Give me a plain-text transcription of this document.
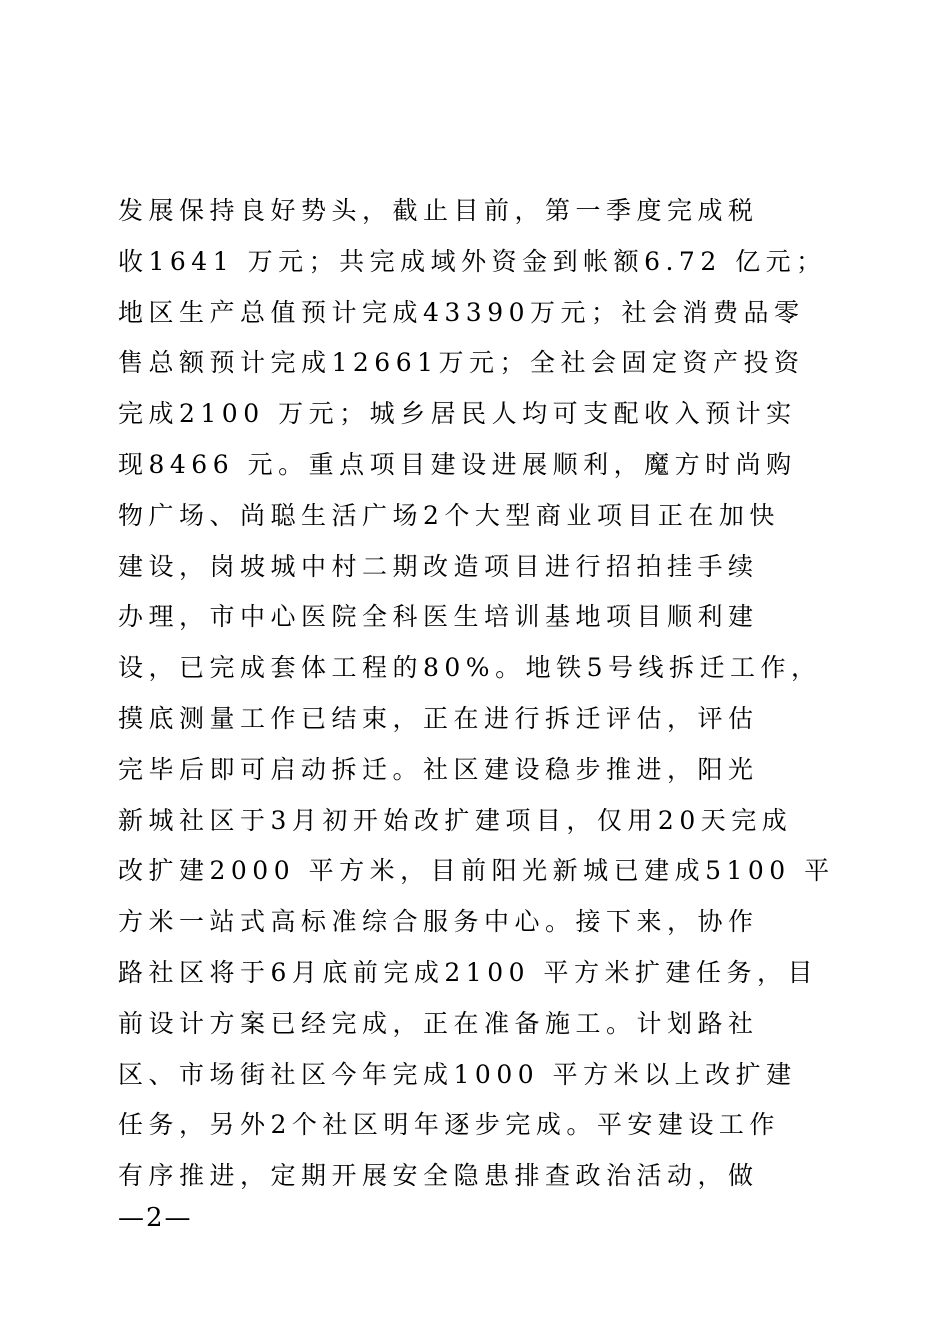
发展保持良好势头，截止目前，第一季度完成税
收1641 万元；共完成域外资金到帐额6.72 亿元；
地区生产总值预计完成43390万元；社会消费品零
售总额预计完成12661万元；全社会固定资产投资
完成2100 万元；城乡居民人均可支配收入预计实
现8466 元。重点项目建设进展顺利，魔方时尚购
物广场、尚聪生活广场2个大型商业项目正在加快
建设，岗坡城中村二期改造项目进行招拍挂手续
办理，市中心医院全科医生培训基地项目顺利建
设，已完成套体工程的80%。地铁5号线拆迁工作，
摸底测量工作已结束，正在进行拆迁评估，评估
完毕后即可启动拆迁。社区建设稳步推进，阳光
新城社区于3月初开始改扩建项目，仅用20天完成
改扩建2000 平方米，目前阳光新城已建成5100 平
方米一站式高标准综合服务中心。接下来，协作
路社区将于6月底前完成2100 平方米扩建任务，目
前设计方案已经完成，正在准备施工。计划路社
区、市场街社区今年完成1000 平方米以上改扩建
任务，另外2个社区明年逐步完成。平安建设工作
有序推进，定期开展安全隐患排查政治活动，做
—2—
